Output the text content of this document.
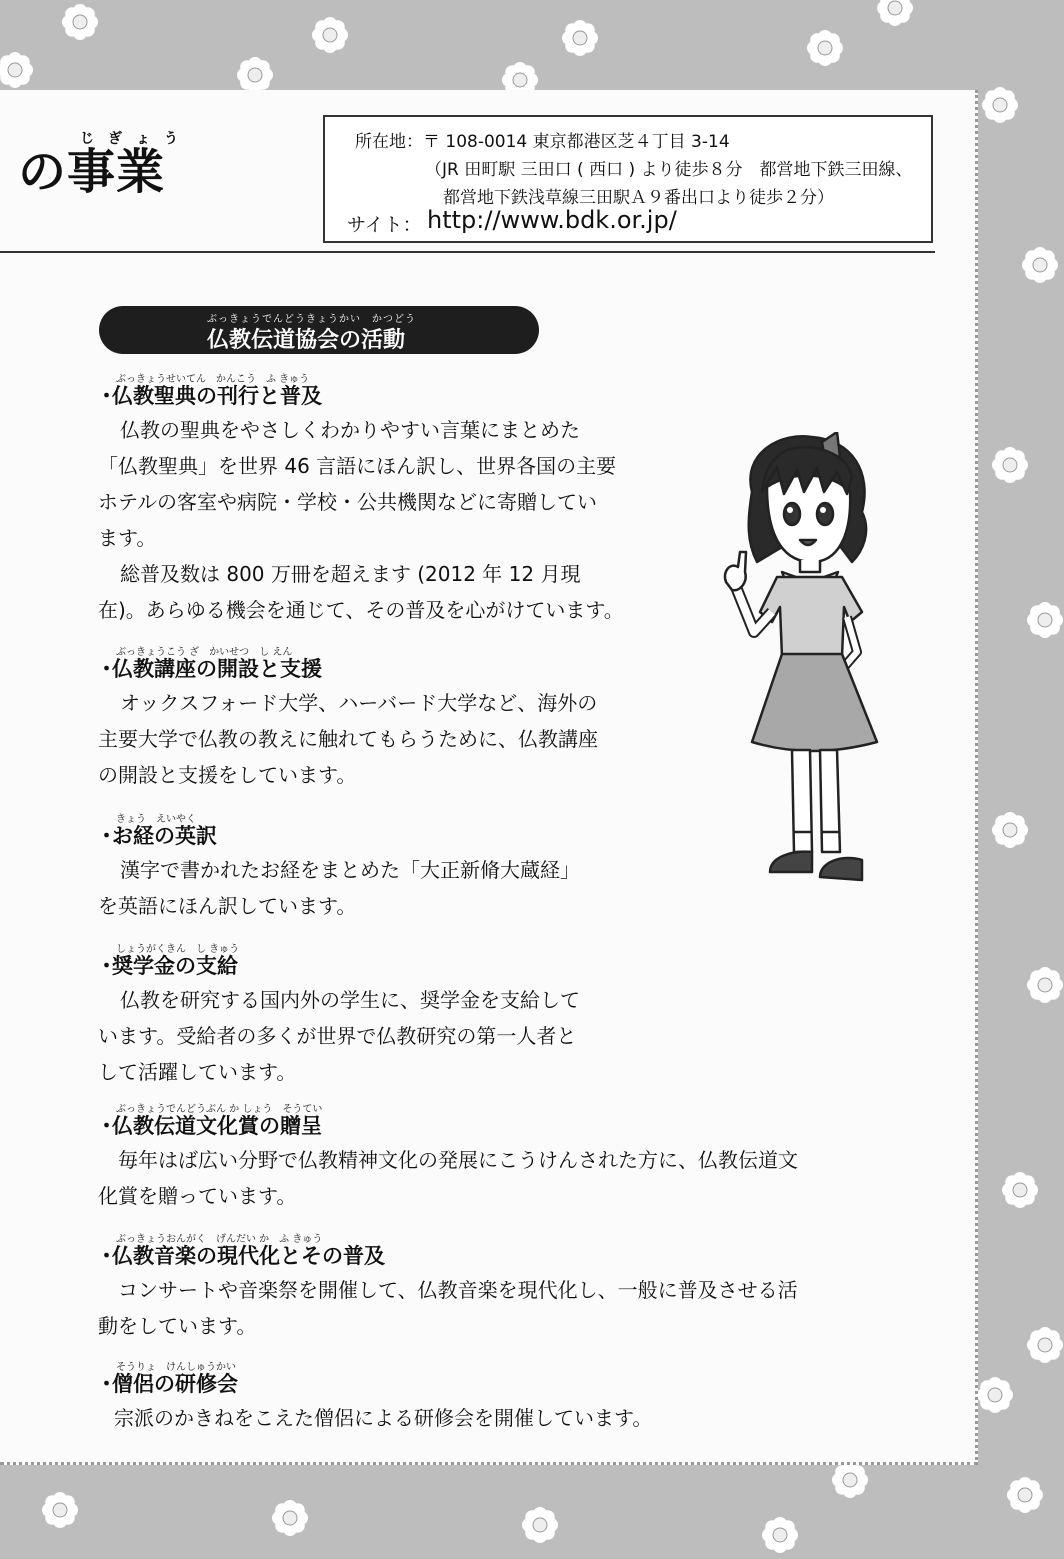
じぎょう
の事業
所在地：〒 108-0014 東京都港区芝４丁目 3-14
（JR 田町駅 三田口 ( 西口 ) より徒歩８分　都営地下鉄三田線、
都営地下鉄浅草線三田駅Ａ９番出口より徒歩２分）
サイト： http://www.bdk.or.jp/
ぶっきょうでんどうきょうかい　かつどう
仏教伝道協会の活動
ぶっきょうせいてん　かんこう　ふ きゅう
・仏教聖典の刊行と普及
仏教の聖典をやさしくわかりやすい言葉にまとめた
「仏教聖典」を世界 46 言語にほん訳し、世界各国の主要
ホテルの客室や病院・学校・公共機関などに寄贈してい
ます。
総普及数は 800 万冊を超えます (2012 年 12 月現
在)。あらゆる機会を通じて、その普及を心がけています。
ぶっきょうこう ざ　かいせつ　し えん
・仏教講座の開設と支援
オックスフォード大学、ハーバード大学など、海外の
主要大学で仏教の教えに触れてもらうために、仏教講座
の開設と支援をしています。
きょう　えいやく
・お経の英訳
漢字で書かれたお経をまとめた「大正新脩大蔵経」
を英語にほん訳しています。
しょうがくきん　し きゅう
・奨学金の支給
仏教を研究する国内外の学生に、奨学金を支給して
います。受給者の多くが世界で仏教研究の第一人者と
して活躍しています。
ぶっきょうでんどうぶん か しょう　そうてい
・仏教伝道文化賞の贈呈
毎年はば広い分野で仏教精神文化の発展にこうけんされた方に、仏教伝道文
化賞を贈っています。
ぶっきょうおんがく　げんだい か　ふ きゅう
・仏教音楽の現代化とその普及
コンサートや音楽祭を開催して、仏教音楽を現代化し、一般に普及させる活
動をしています。
そうりょ　けんしゅうかい
・僧侶の研修会
宗派のかきねをこえた僧侶による研修会を開催しています。
